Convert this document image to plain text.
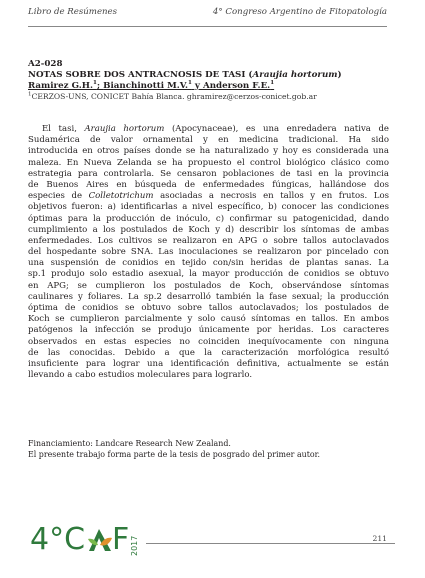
Libro de Resúmenes	4° Congreso Argentino de Fitopatología
A2-028
NOTAS SOBRE DOS ANTRACNOSIS DE TASI (Araujia hortorum)
Ramirez G.H.$^1$; Bianchinotti M.V.$^1$ y Anderson F.E.$^1$
$^1$CERZOS-UNS, CONICET Bahía Blanca. ghramirez@cerzos-conicet.gob.ar
El tasi, Araujia hortorum (Apocynaceae), es una enredadera nativa de
Sudamérica de valor ornamental y en medicina tradicional. Ha sido
introducida en otros países donde se ha naturalizado y hoy es considerada una
maleza. En Nueva Zelanda se ha propuesto el control biológico clásico como
estrategia para controlarla. Se censaron poblaciones de tasi en la provincia
de Buenos Aires en búsqueda de enfermedades fúngicas, hallándose dos
especies de Colletotrichum asociadas a necrosis en tallos y en frutos. Los
objetivos fueron: a) identificarlas a nivel específico, b) conocer las condiciones
óptimas para la producción de inóculo, c) confirmar su patogenicidad, dando
cumplimiento a los postulados de Koch y d) describir los síntomas de ambas
enfermedades. Los cultivos se realizaron en APG o sobre tallos autoclavados
del hospedante sobre SNA. Las inoculaciones se realizaron por pincelado con
una suspensión de conidios en tejido con/sin heridas de plantas sanas. La
sp.1 produjo solo estadio asexual, la mayor producción de conidios se obtuvo
en APG; se cumplieron los postulados de Koch, observándose síntomas
caulinares y foliares. La sp.2 desarrolló también la fase sexual; la producción
óptima de conidios se obtuvo sobre tallos autoclavados; los postulados de
Koch se cumplieron parcialmente y solo causó síntomas en tallos. En ambos
patógenos la infección se produjo únicamente por heridas. Los caracteres
observados en estas especies no coinciden inequívocamente con ninguna
de las conocidas. Debido a que la caracterización morfológica resultó
insuficiente para lograr una identificación definitiva, actualmente se están
llevando a cabo estudios moleculares para lograrlo.
Financiamiento: Landcare Research New Zealand.
El presente trabajo forma parte de la tesis de posgrado del primer autor.
4°C F 2017	211
